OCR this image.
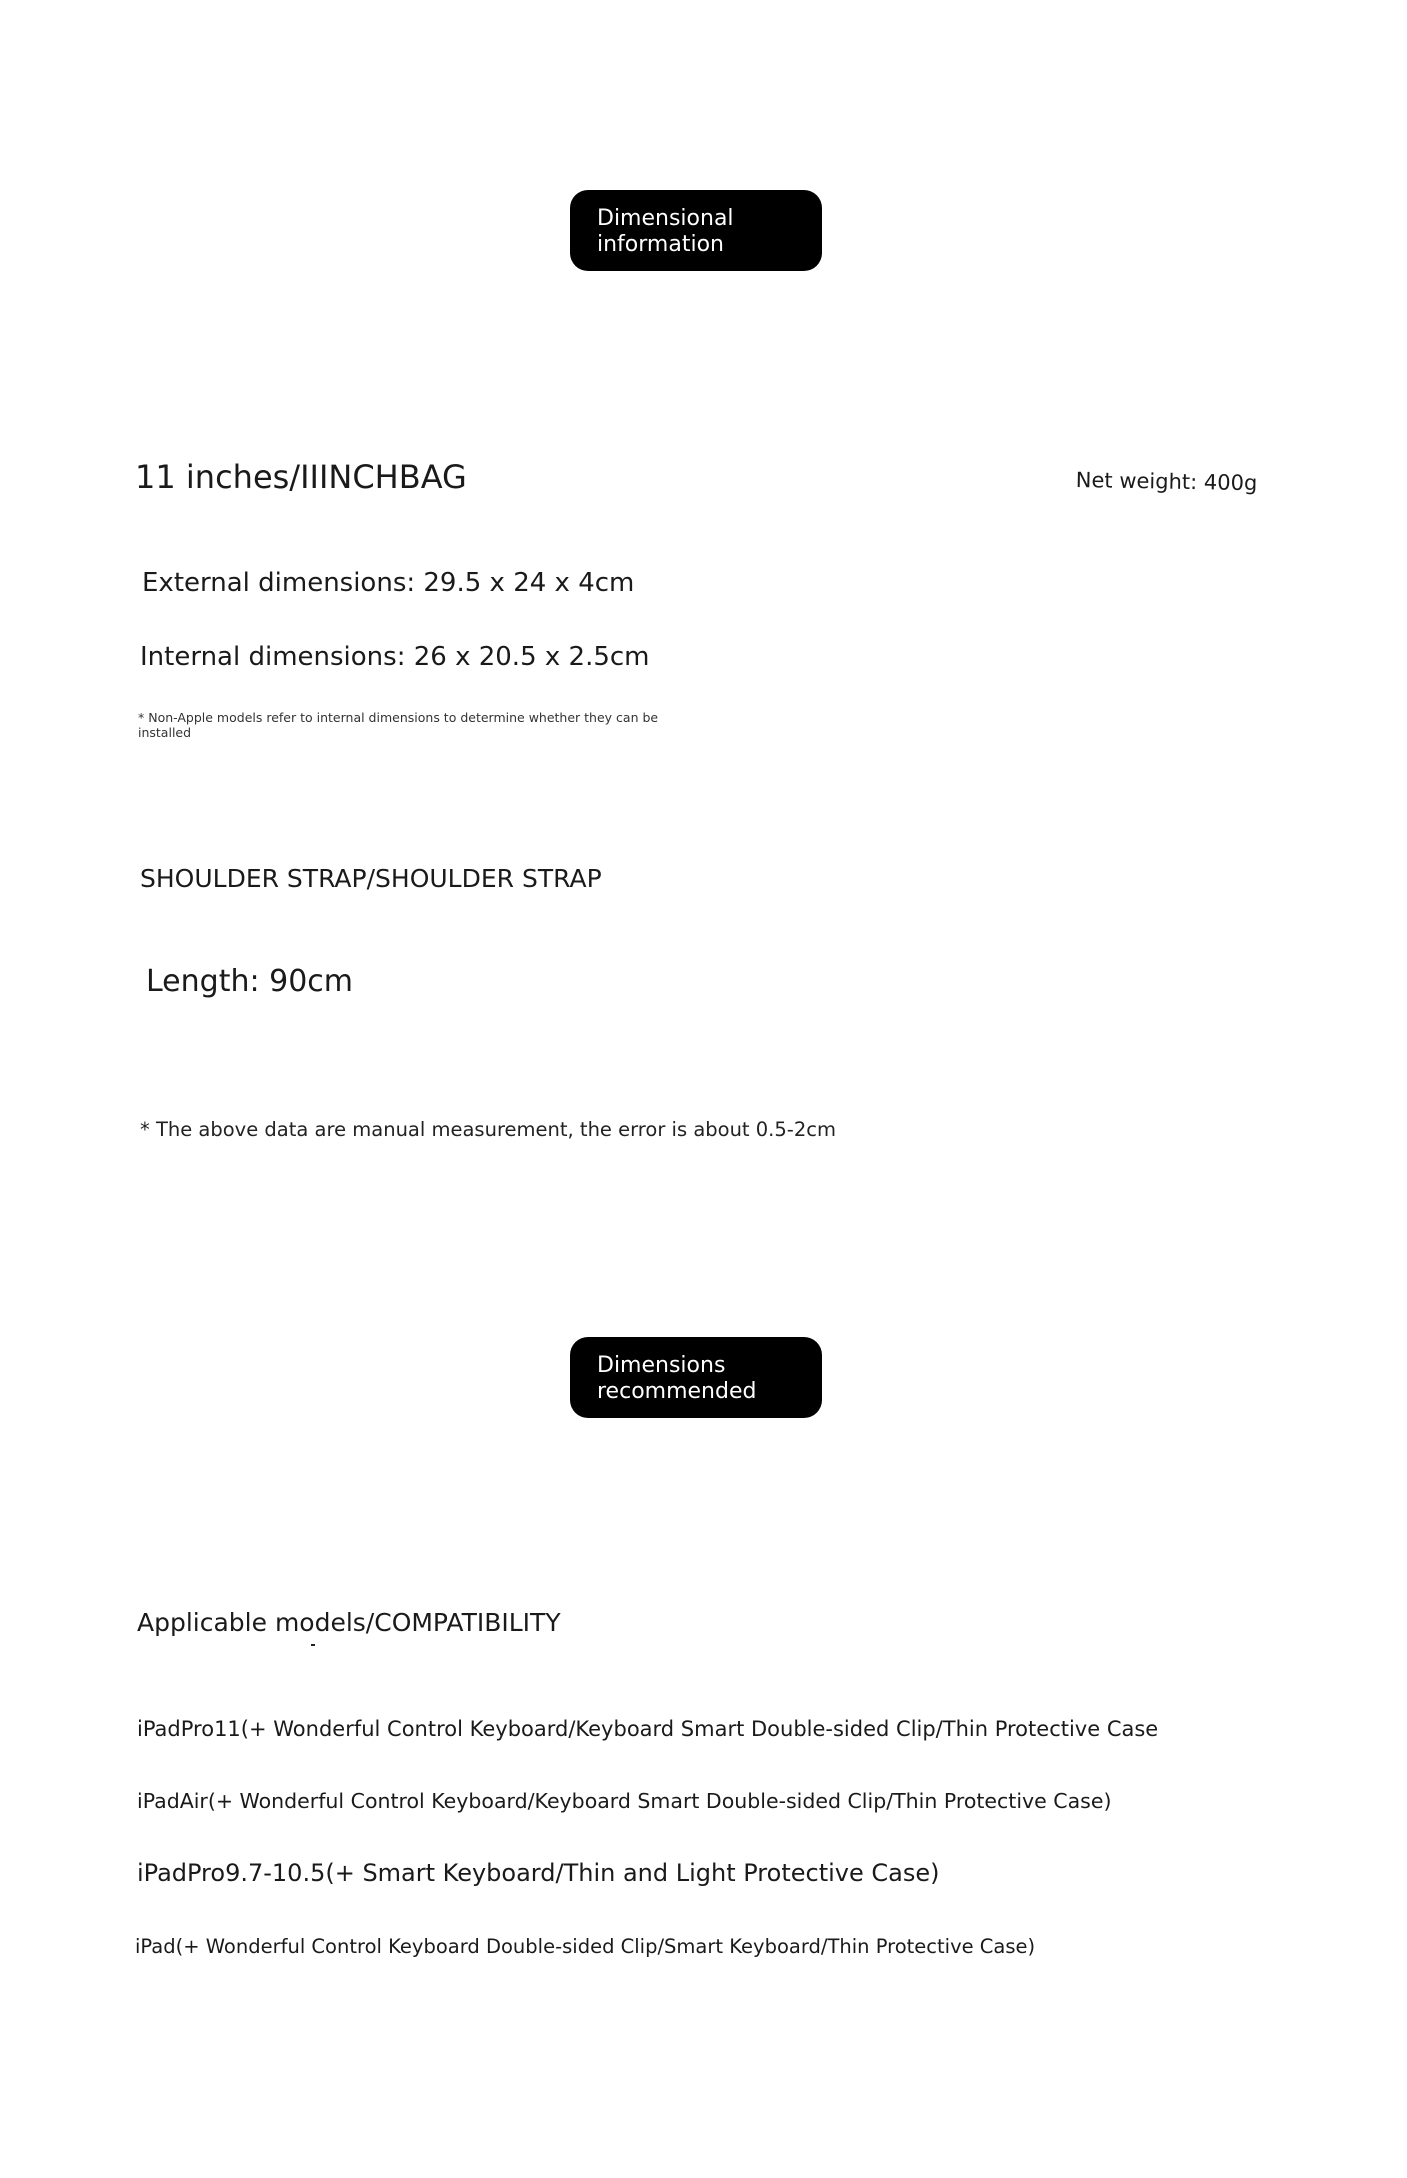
Dimensional
information
11 inches/IIINCHBAG	Net weight: 400g
External dimensions: 29.5 x 24 x 4cm
Internal dimensions: 26 x 20.5 x 2.5cm

* Non-Apple models refer to internal dimensions to determine whether they can be installed

SHOULDER STRAP/SHOULDER STRAP
Length: 90cm

* The above data are manual measurement, the error is about 0.5-2cm

Dimensions
recommended
Applicable models/COMPATIBILITY
iPadPro11(+ Wonderful Control Keyboard/Keyboard Smart Double-sided Clip/Thin Protective Case
iPadAir(+ Wonderful Control Keyboard/Keyboard Smart Double-sided Clip/Thin Protective Case)
iPadPro9.7-10.5(+ Smart Keyboard/Thin and Light Protective Case)
iPad(+ Wonderful Control Keyboard Double-sided Clip/Smart Keyboard/Thin Protective Case)
